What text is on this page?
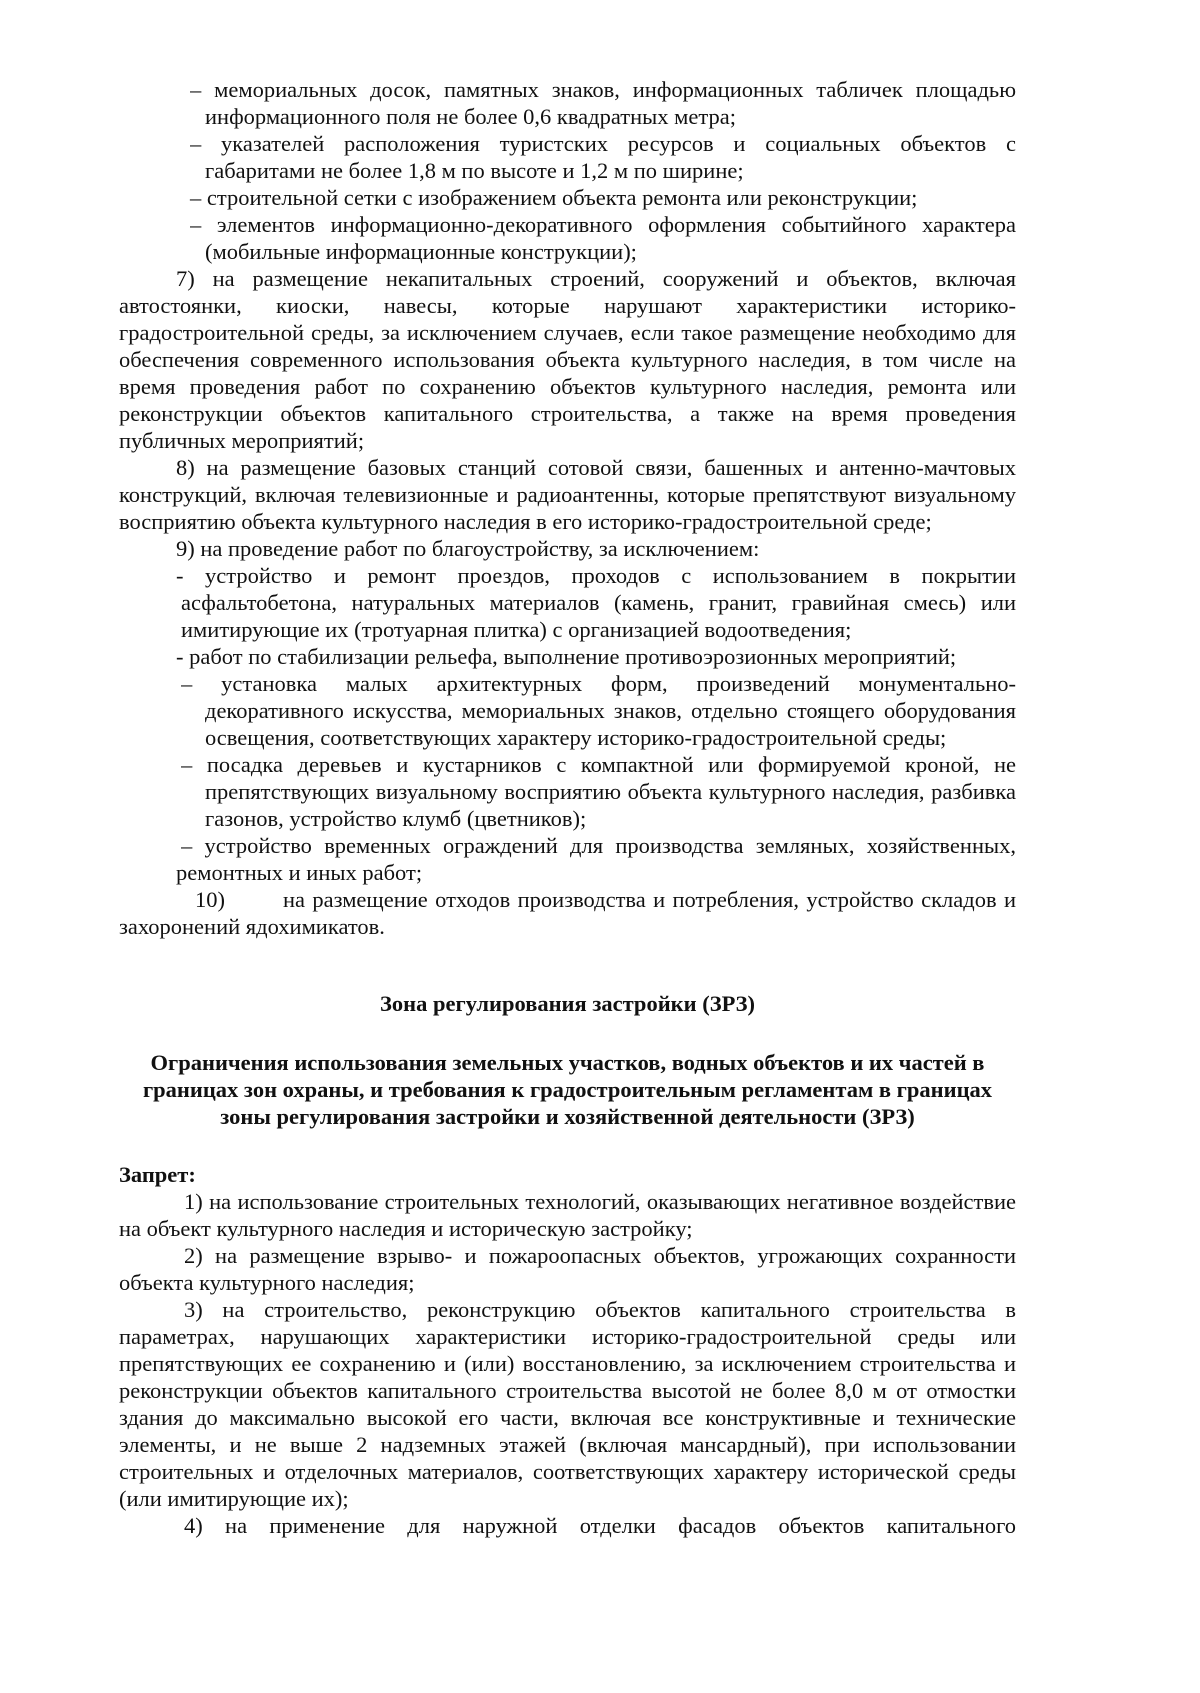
– мемориальных досок, памятных знаков, информационных табличек площадью
информационного поля не более 0,6 квадратных метра;
– указателей расположения туристских ресурсов и социальных объектов с
габаритами не более 1,8 м по высоте и 1,2 м по ширине;
– строительной сетки с изображением объекта ремонта или реконструкции;
– элементов информационно-декоративного оформления событийного характера
(мобильные информационные конструкции);
7) на размещение некапитальных строений, сооружений и объектов, включая
автостоянки, киоски, навесы, которые нарушают характеристики историко-
градостроительной среды, за исключением случаев, если такое размещение необходимо для
обеспечения современного использования объекта культурного наследия, в том числе на
время проведения работ по сохранению объектов культурного наследия, ремонта или
реконструкции объектов капитального строительства, а также на время проведения
публичных мероприятий;
8) на размещение базовых станций сотовой связи, башенных и антенно-мачтовых
конструкций, включая телевизионные и радиоантенны, которые препятствуют визуальному
восприятию объекта культурного наследия в его историко-градостроительной среде;
9) на проведение работ по благоустройству, за исключением:
- устройство и ремонт проездов, проходов с использованием в покрытии
асфальтобетона, натуральных материалов (камень, гранит, гравийная смесь) или
имитирующие их (тротуарная плитка) с организацией водоотведения;
- работ по стабилизации рельефа, выполнение противоэрозионных мероприятий;
– установка малых архитектурных форм, произведений монументально-
декоративного искусства, мемориальных знаков, отдельно стоящего оборудования
освещения, соответствующих характеру историко-градостроительной среды;
– посадка деревьев и кустарников с компактной или формируемой кроной, не
препятствующих визуальному восприятию объекта культурного наследия, разбивка
газонов, устройство клумб (цветников);
– устройство временных ограждений для производства земляных, хозяйственных,
ремонтных и иных работ;
10)	на размещение отходов производства и потребления, устройство складов и
захоронений ядохимикатов.
Зона регулирования застройки (ЗРЗ)
Ограничения использования земельных участков, водных объектов и их частей в
границах зон охраны, и требования к градостроительным регламентам в границах
зоны регулирования застройки и хозяйственной деятельности (ЗРЗ)
Запрет:
1) на использование строительных технологий, оказывающих негативное воздействие
на объект культурного наследия и историческую застройку;
2) на размещение взрыво- и пожароопасных объектов, угрожающих сохранности
объекта культурного наследия;
3) на строительство, реконструкцию объектов капитального строительства в
параметрах, нарушающих характеристики историко-градостроительной среды или
препятствующих ее сохранению и (или) восстановлению, за исключением строительства и
реконструкции объектов капитального строительства высотой не более 8,0 м от отмостки
здания до максимально высокой его части, включая все конструктивные и технические
элементы, и не выше 2 надземных этажей (включая мансардный), при использовании
строительных и отделочных материалов, соответствующих характеру исторической среды
(или имитирующие их);
4) на применение для наружной отделки фасадов объектов капитального
